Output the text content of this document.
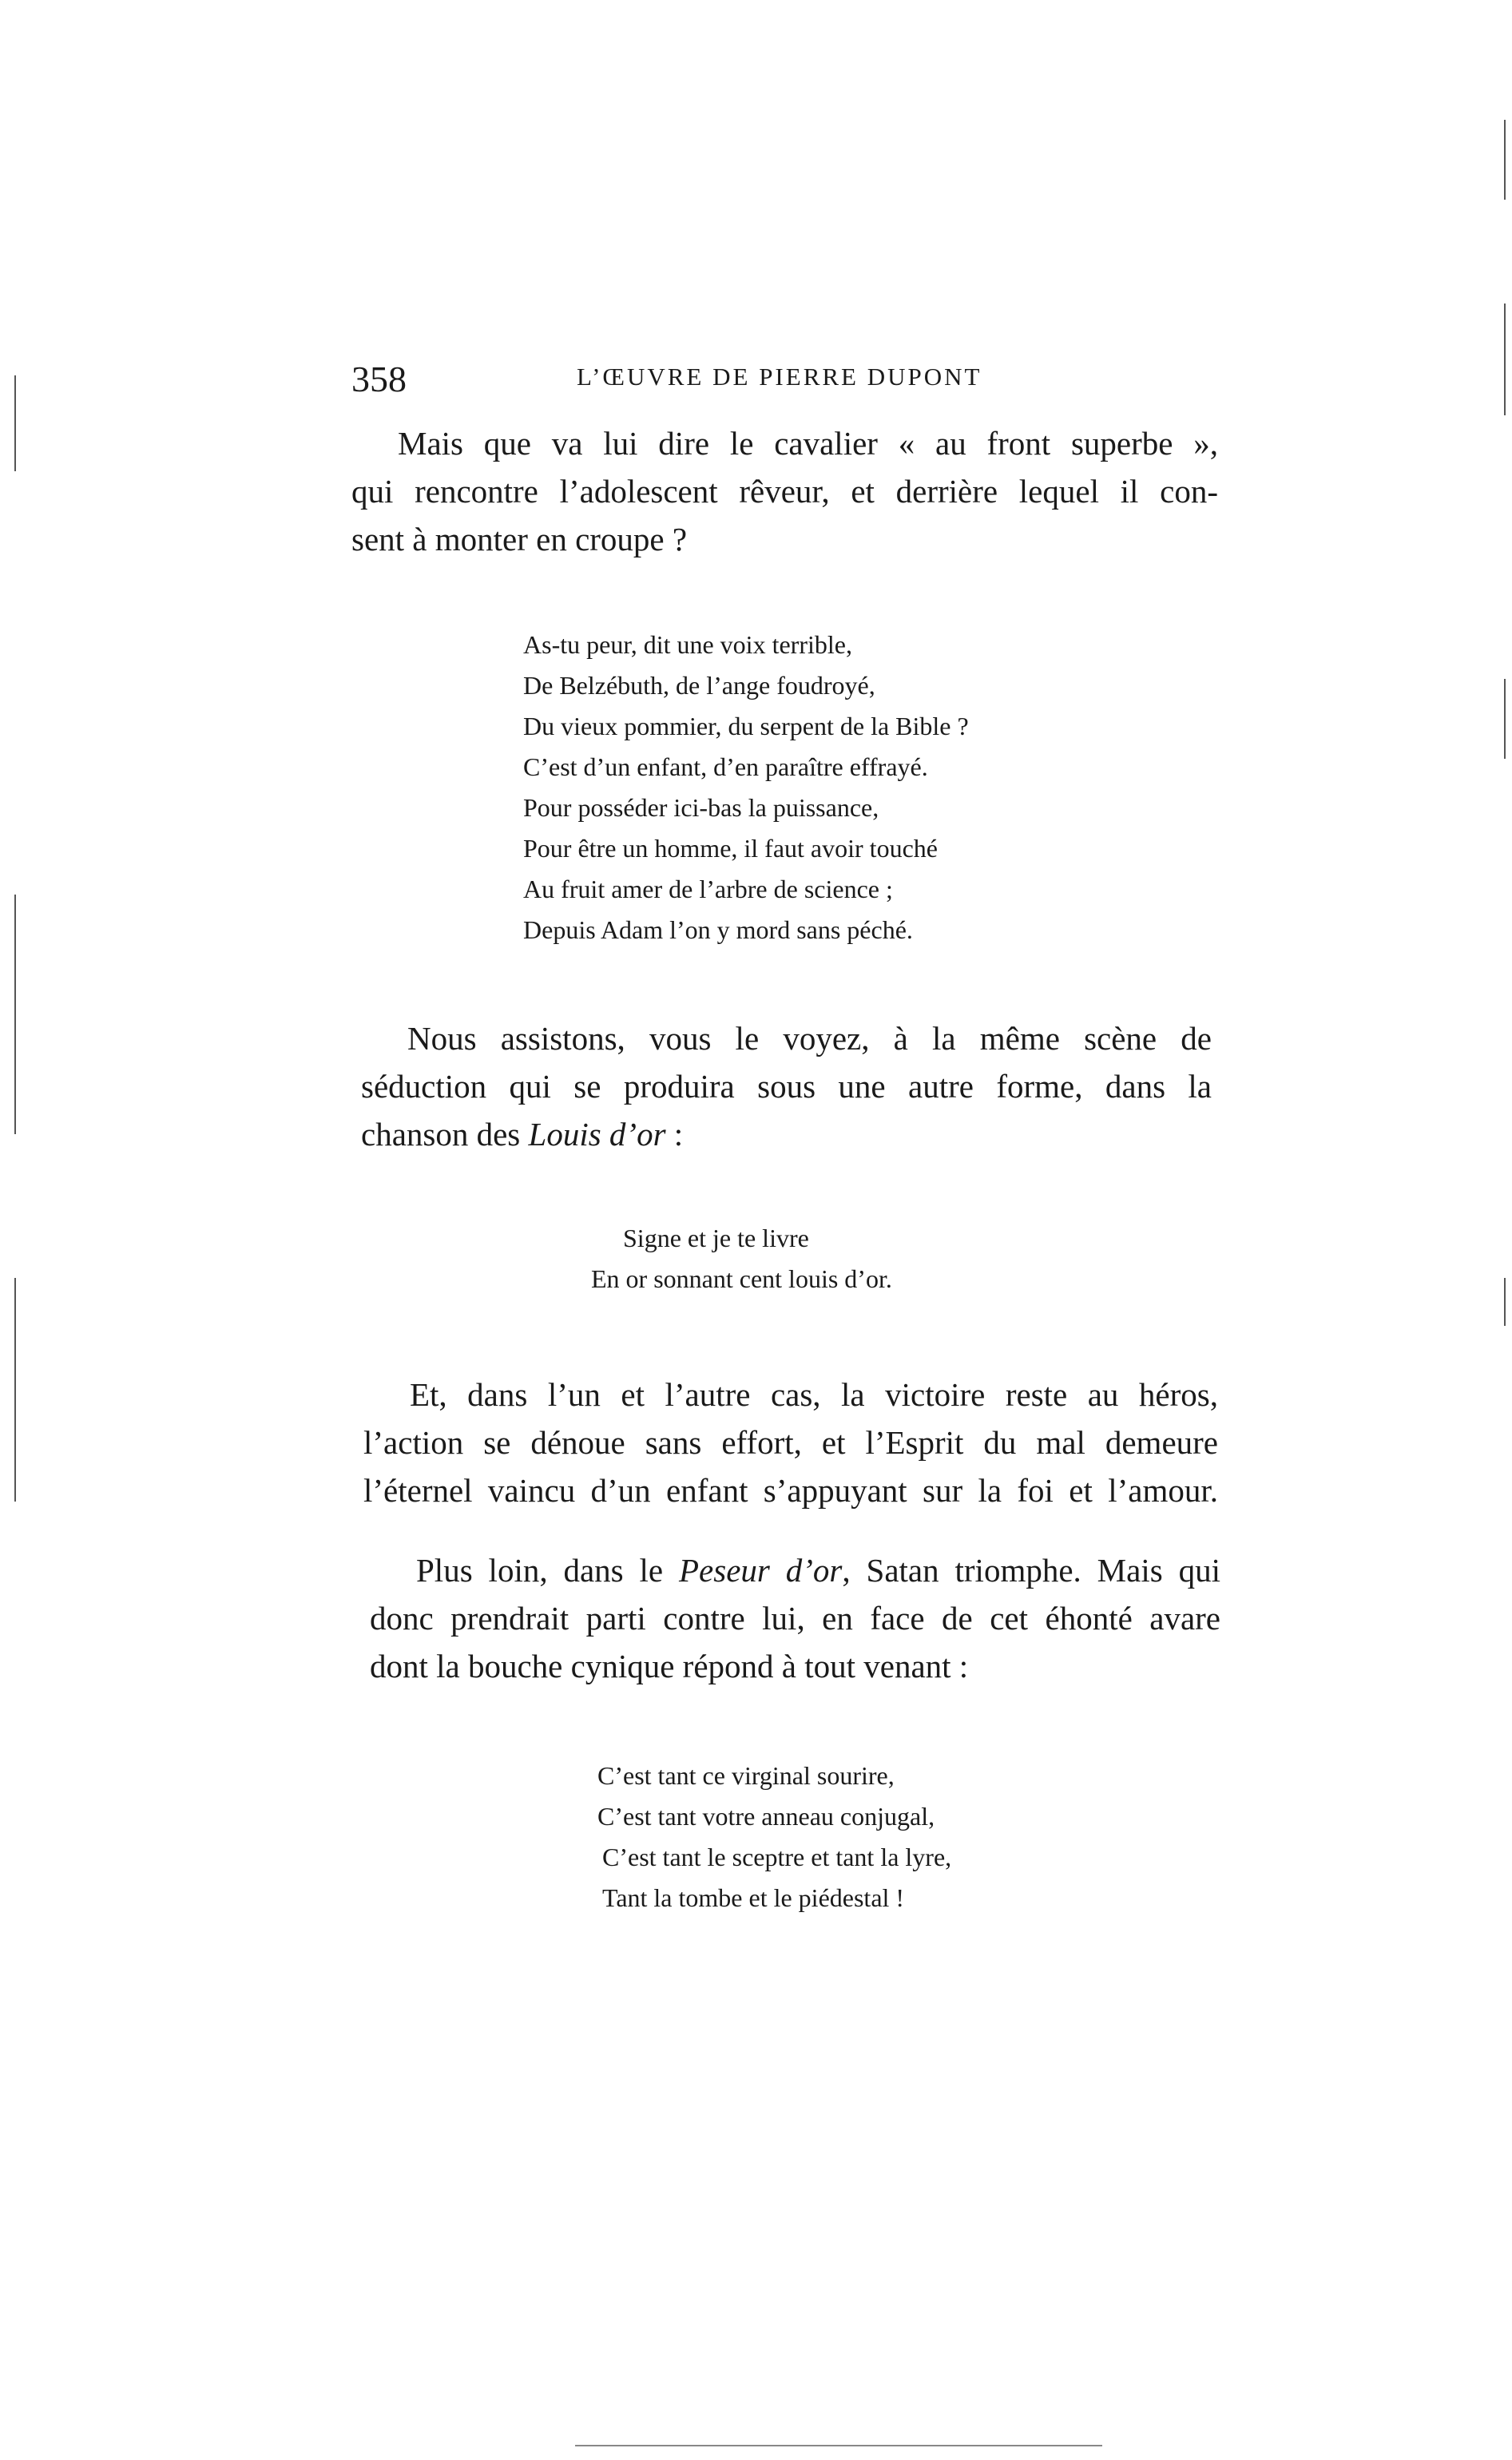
358	L’ŒUVRE DE PIERRE DUPONT

Mais que va lui dire le cavalier « au front superbe »,
qui rencontre l’adolescent rêveur, et derrière lequel il con-
sent à monter en croupe ?

As-tu peur, dit une voix terrible,
De Belzébuth, de l’ange foudroyé,
Du vieux pommier, du serpent de la Bible ?
C’est d’un enfant, d’en paraître effrayé.
Pour posséder ici-bas la puissance,
Pour être un homme, il faut avoir touché
Au fruit amer de l’arbre de science ;
Depuis Adam l’on y mord sans péché.

Nous assistons, vous le voyez, à la même scène de
séduction qui se produira sous une autre forme, dans la
chanson des Louis d’or :

Signe et je te livre
En or sonnant cent louis d’or.

Et, dans l’un et l’autre cas, la victoire reste au héros,
l’action se dénoue sans effort, et l’Esprit du mal demeure
l’éternel vaincu d’un enfant s’appuyant sur la foi et l’amour.

Plus loin, dans le Peseur d’or, Satan triomphe. Mais qui
donc prendrait parti contre lui, en face de cet éhonté avare
dont la bouche cynique répond à tout venant :

C’est tant ce virginal sourire,
C’est tant votre anneau conjugal,
C’est tant le sceptre et tant la lyre,
Tant la tombe et le piédestal !
